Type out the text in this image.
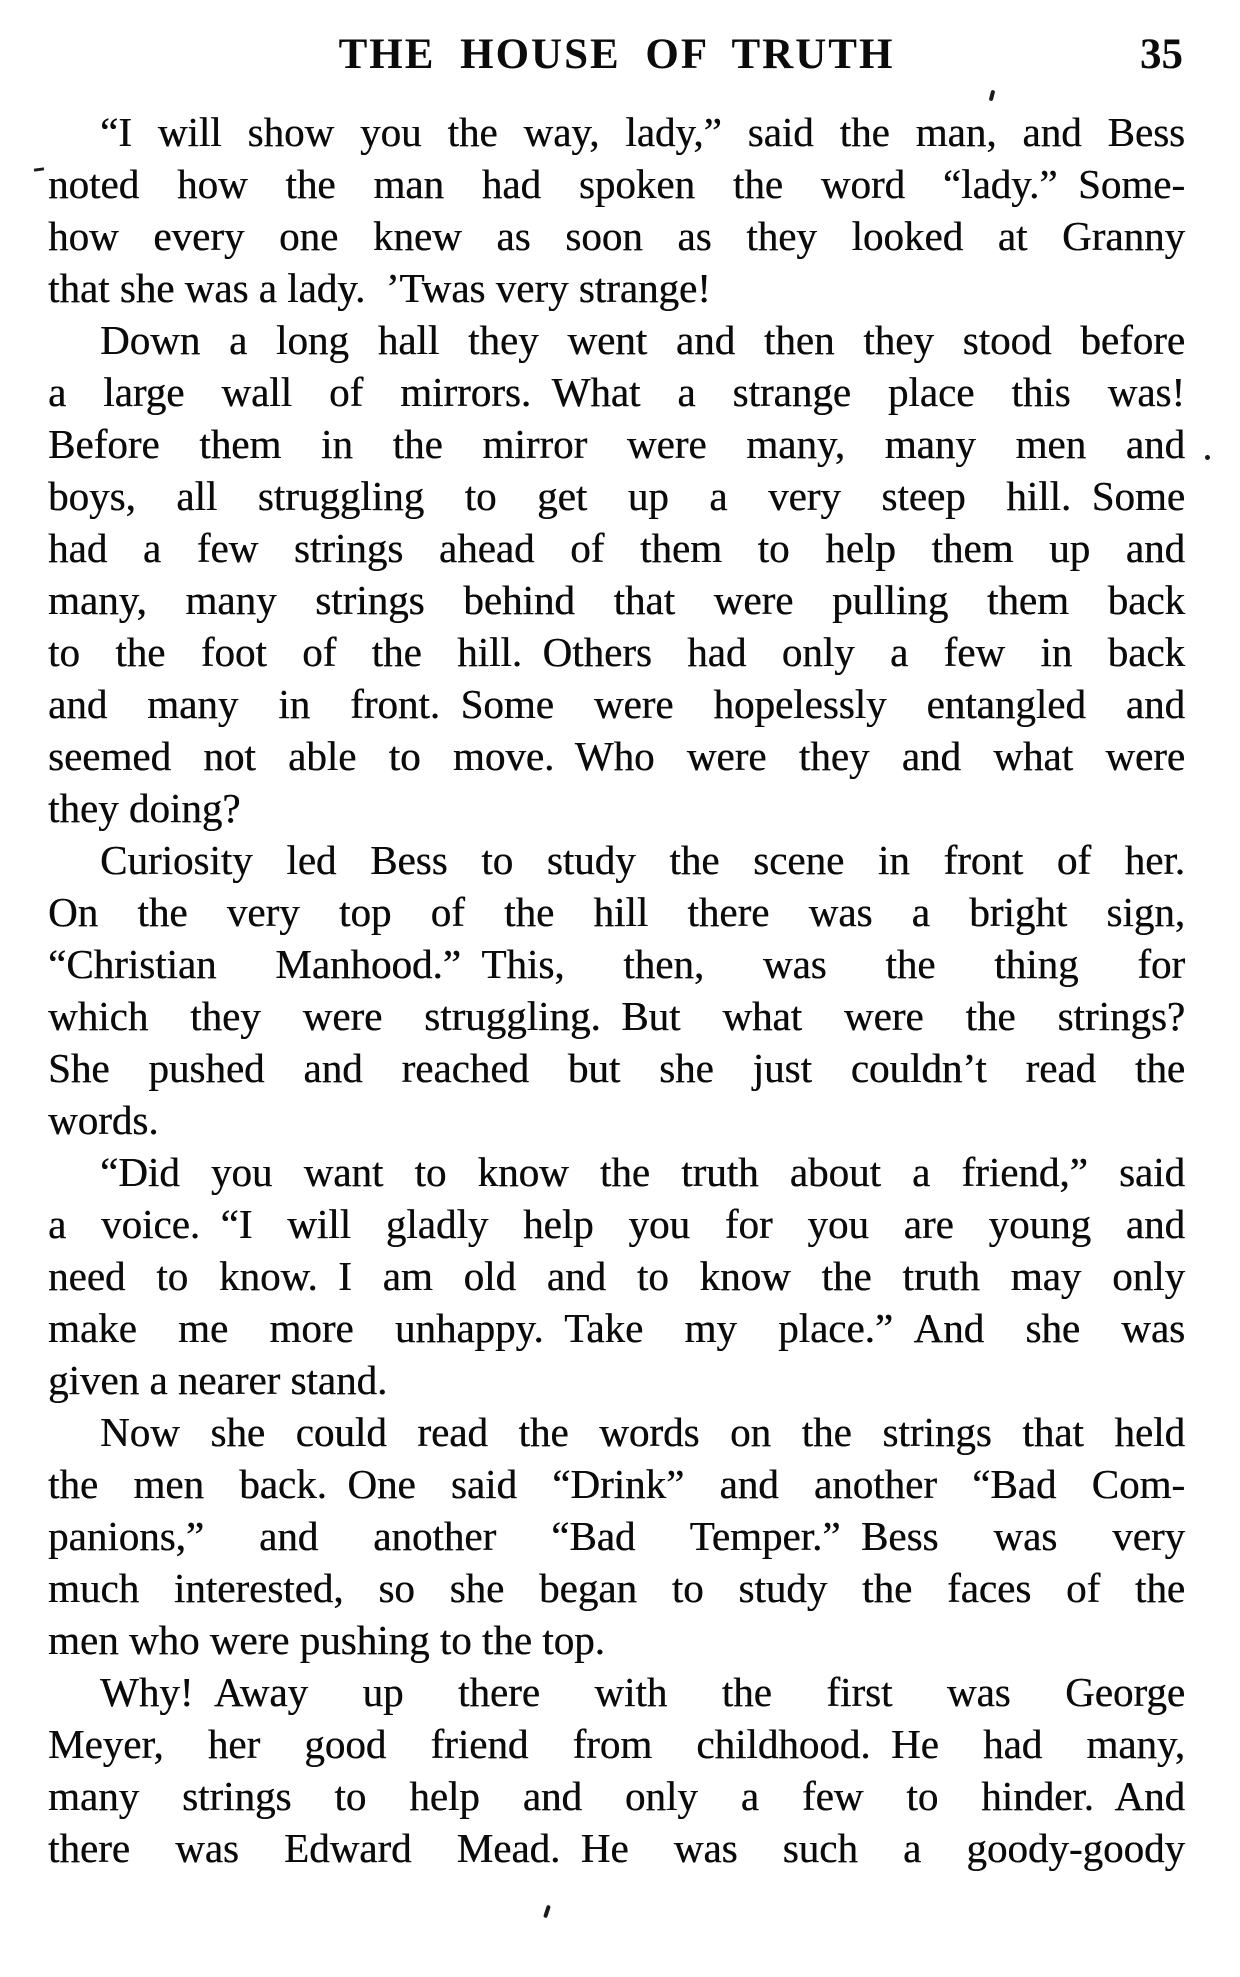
THE HOUSE OF TRUTH	35
“I will show you the way, lady,” said the man, and Bess
noted how the man had spoken the word “lady.” Some-
how every one knew as soon as they looked at Granny
that she was a lady. ’Twas very strange!
Down a long hall they went and then they stood before
a large wall of mirrors. What a strange place this was!
Before them in the mirror were many, many men and
boys, all struggling to get up a very steep hill. Some
had a few strings ahead of them to help them up and
many, many strings behind that were pulling them back
to the foot of the hill. Others had only a few in back
and many in front. Some were hopelessly entangled and
seemed not able to move. Who were they and what were
they doing?
Curiosity led Bess to study the scene in front of her.
On the very top of the hill there was a bright sign,
“Christian Manhood.” This, then, was the thing for
which they were struggling. But what were the strings?
She pushed and reached but she just couldn’t read the
words.
“Did you want to know the truth about a friend,” said
a voice. “I will gladly help you for you are young and
need to know. I am old and to know the truth may only
make me more unhappy. Take my place.” And she was
given a nearer stand.
Now she could read the words on the strings that held
the men back. One said “Drink” and another “Bad Com-
panions,” and another “Bad Temper.” Bess was very
much interested, so she began to study the faces of the
men who were pushing to the top.
Why! Away up there with the first was George
Meyer, her good friend from childhood. He had many,
many strings to help and only a few to hinder. And
there was Edward Mead. He was such a goody-goody
